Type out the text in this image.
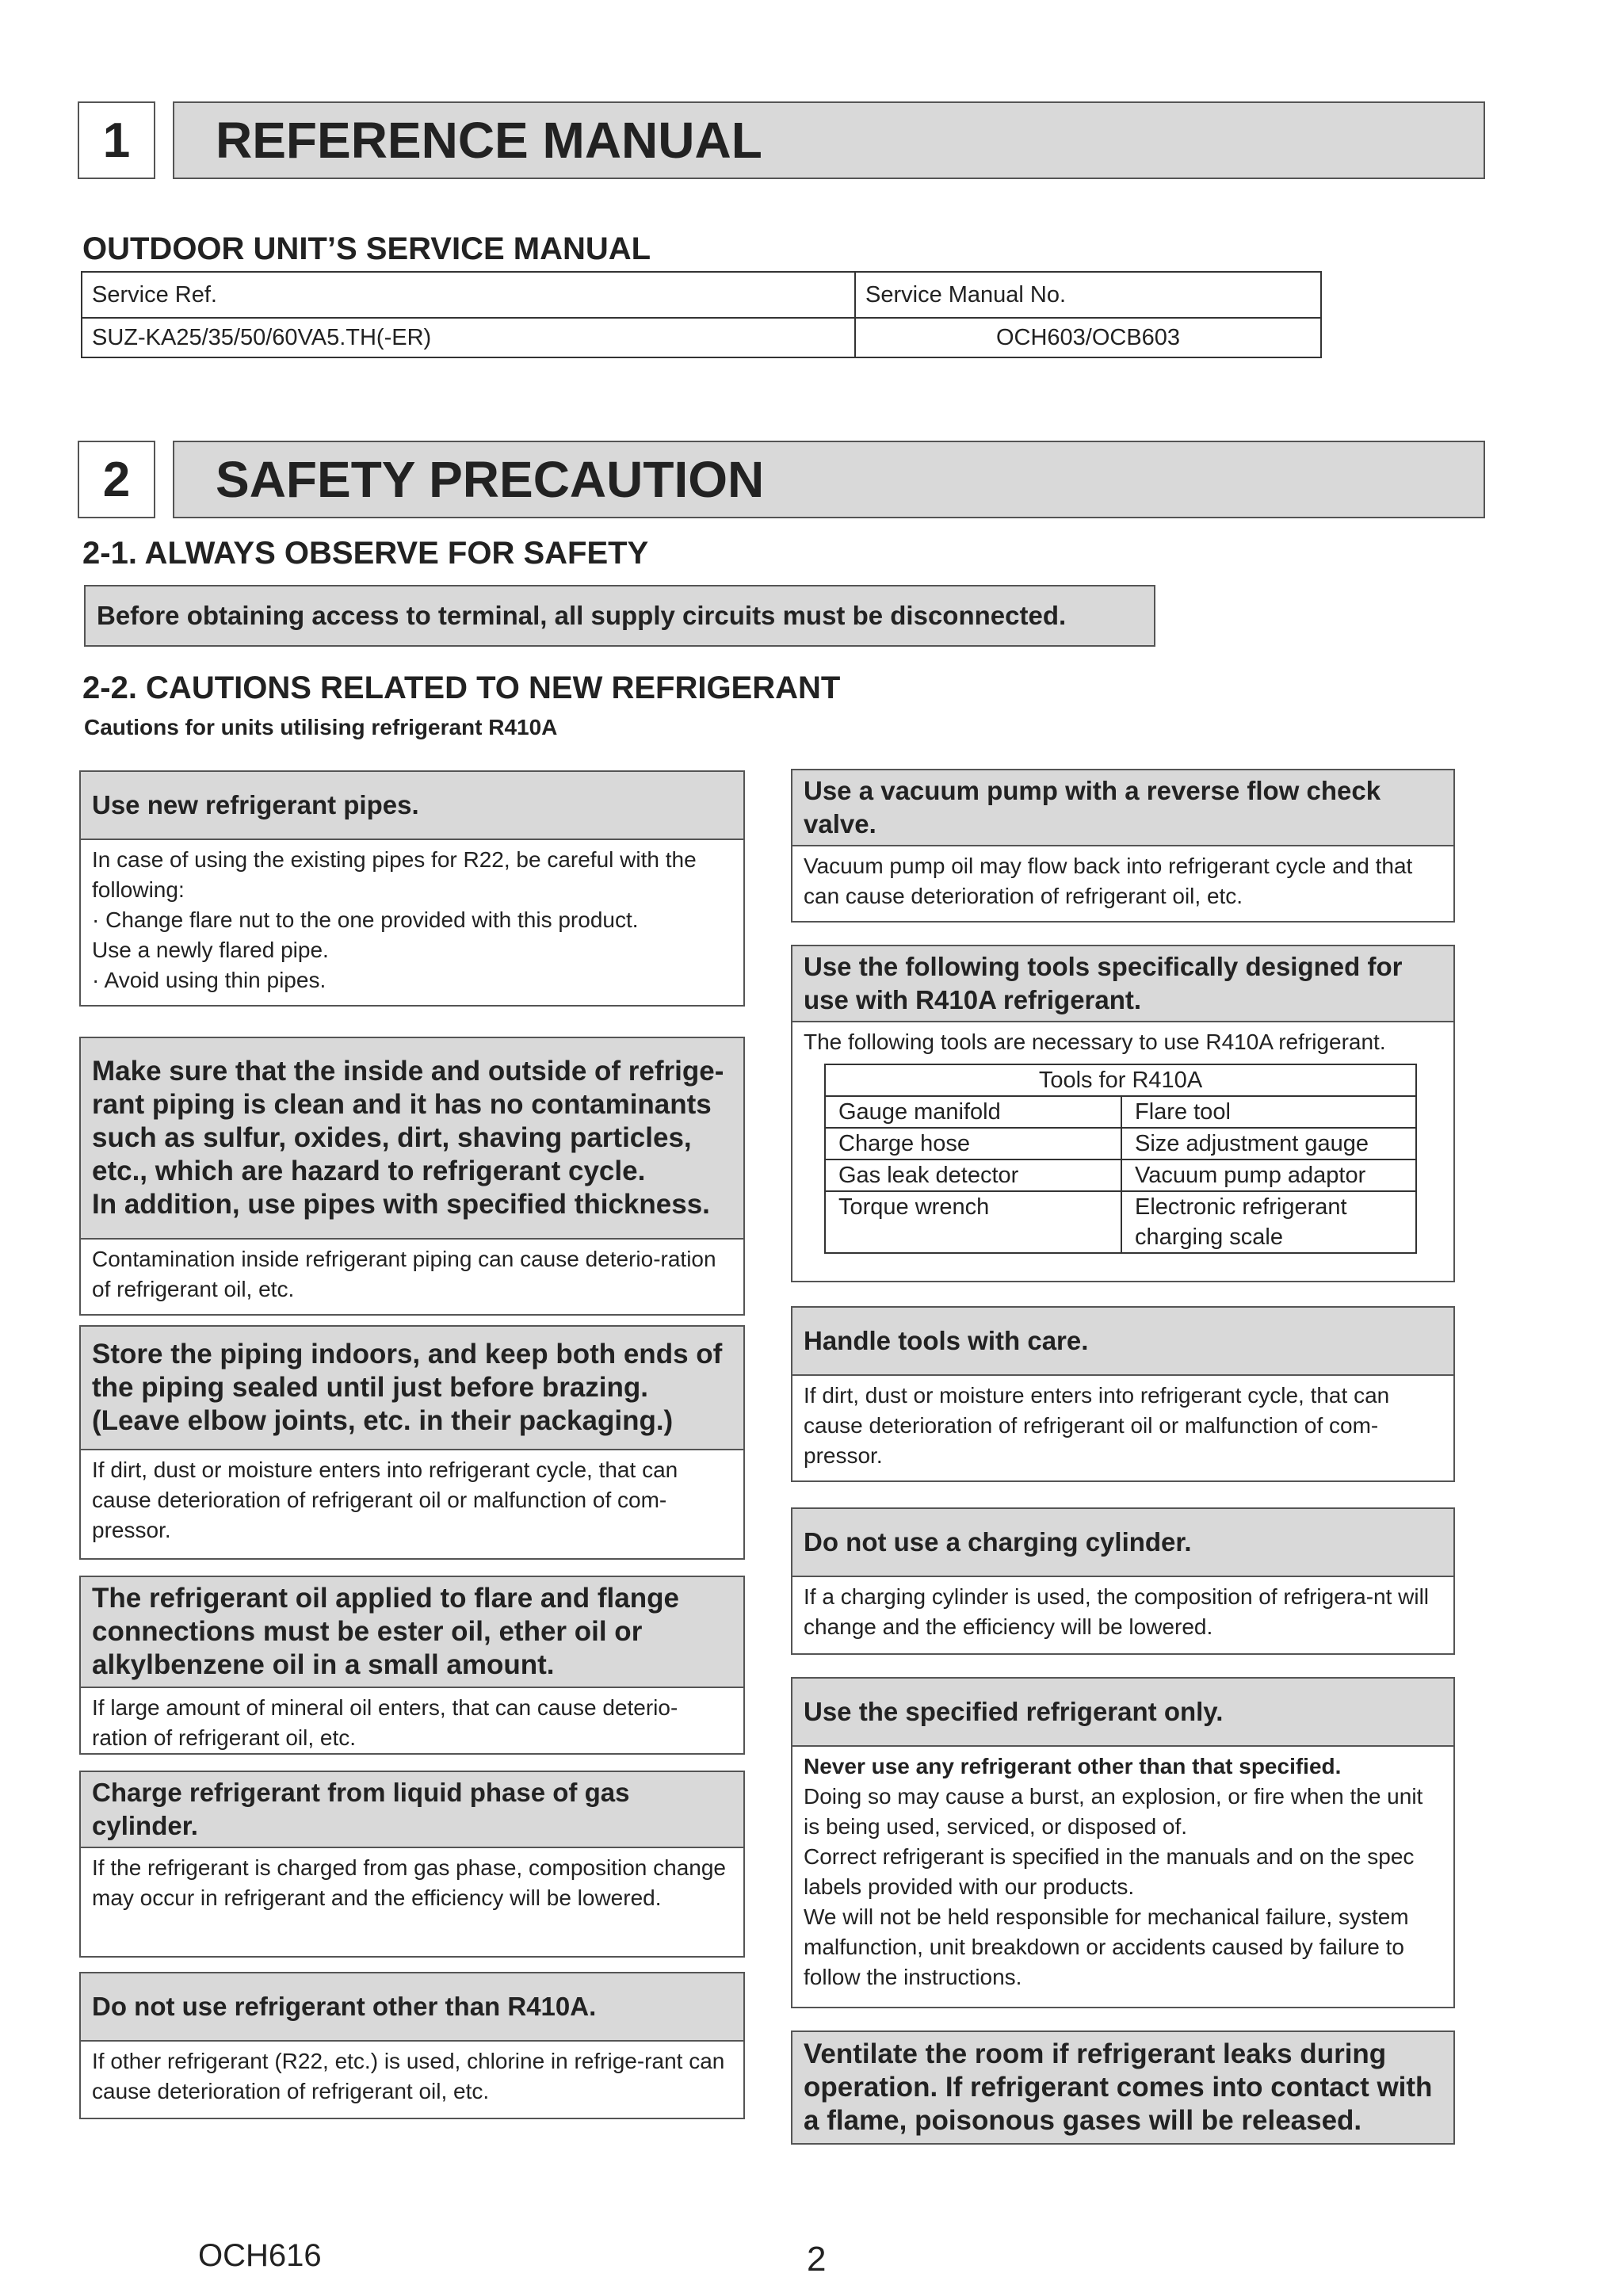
1	REFERENCE MANUAL
OUTDOOR UNIT’S SERVICE MANUAL
Service Ref.	Service Manual No.
SUZ-KA25/35/50/60VA5.TH(-ER)	OCH603/OCB603
2	SAFETY PRECAUTION
2-1. ALWAYS OBSERVE FOR SAFETY
Before obtaining access to terminal, all supply circuits must be disconnected.
2-2. CAUTIONS RELATED TO NEW REFRIGERANT
Cautions for units utilising refrigerant R410A
Use new refrigerant pipes.
In case of using the existing pipes for R22, be careful with the following:
· Change flare nut to the one provided with this product.
Use a newly flared pipe.
· Avoid using thin pipes.
Make sure that the inside and outside of refrige-rant piping is clean and it has no contaminants such as sulfur, oxides, dirt, shaving particles, etc., which are hazard to refrigerant cycle.
In addition, use pipes with specified thickness.
Contamination inside refrigerant piping can cause deterio-ration of refrigerant oil, etc.
Store the piping indoors, and keep both ends of the piping sealed until just before brazing.
(Leave elbow joints, etc. in their packaging.)
If dirt, dust or moisture enters into refrigerant cycle, that can cause deterioration of refrigerant oil or malfunction of com-pressor.
The refrigerant oil applied to flare and flange connections must be ester oil, ether oil or alkylbenzene oil in a small amount.
If large amount of mineral oil enters, that can cause deterio-ration of refrigerant oil, etc.
Charge refrigerant from liquid phase of gas cylinder.
If the refrigerant is charged from gas phase, composition change may occur in refrigerant and the efficiency will be lowered.
Do not use refrigerant other than R410A.
If other refrigerant (R22, etc.) is used, chlorine in refrige-rant can cause deterioration of refrigerant oil, etc.
Use a vacuum pump with a reverse flow check valve.
Vacuum pump oil may flow back into refrigerant cycle and that can cause deterioration of refrigerant oil, etc.
Use the following tools specifically designed for use with R410A refrigerant.
The following tools are necessary to use R410A refrigerant.
Tools for R410A	
Gauge manifold	Flare tool
Charge hose	Size adjustment gauge
Gas leak detector	Vacuum pump adaptor
Torque wrench	Electronic refrigerant charging scale
Handle tools with care.
If dirt, dust or moisture enters into refrigerant cycle, that can cause deterioration of refrigerant oil or malfunction of com-pressor.
Do not use a charging cylinder.
If a charging cylinder is used, the composition of refrigera-nt will change and the efficiency will be lowered.
Use the specified refrigerant only.
Never use any refrigerant other than that specified.
Doing so may cause a burst, an explosion, or fire when the unit is being used, serviced, or disposed of.
Correct refrigerant is specified in the manuals and on the spec labels provided with our products.
We will not be held responsible for mechanical failure, system malfunction, unit breakdown or accidents caused by failure to follow the instructions.
Ventilate the room if refrigerant leaks during operation. If refrigerant comes into contact with a flame, poisonous gases will be released.
OCH616	2
